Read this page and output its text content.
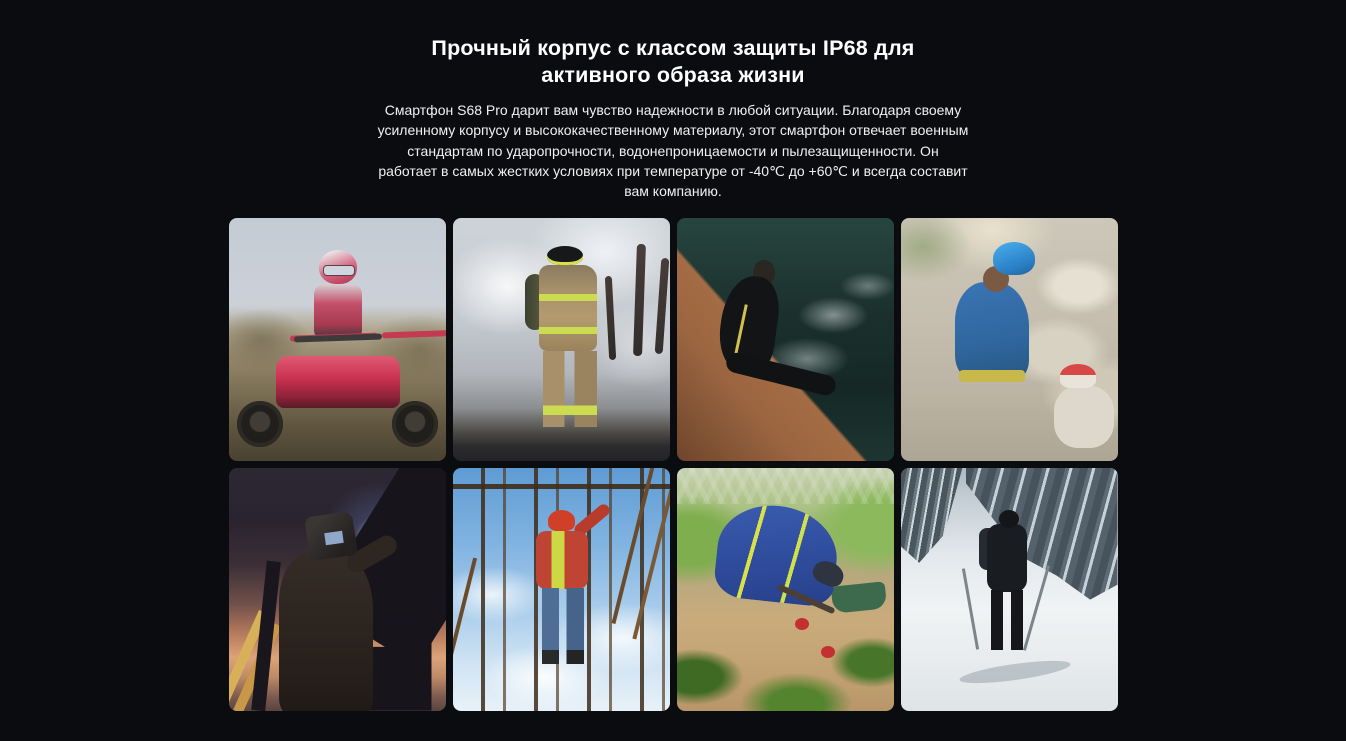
Прочный корпус с классом защиты IP68 для активного образа жизни

Смартфон S68 Pro дарит вам чувство надежности в любой ситуации. Благодаря своему усиленному корпусу и высококачественному материалу, этот смартфон отвечает военным стандартам по ударопрочности, водонепроницаемости и пылезащищенности. Он работает в самых жестких условиях при температуре от -40℃ до +60℃ и всегда составит вам компанию.
